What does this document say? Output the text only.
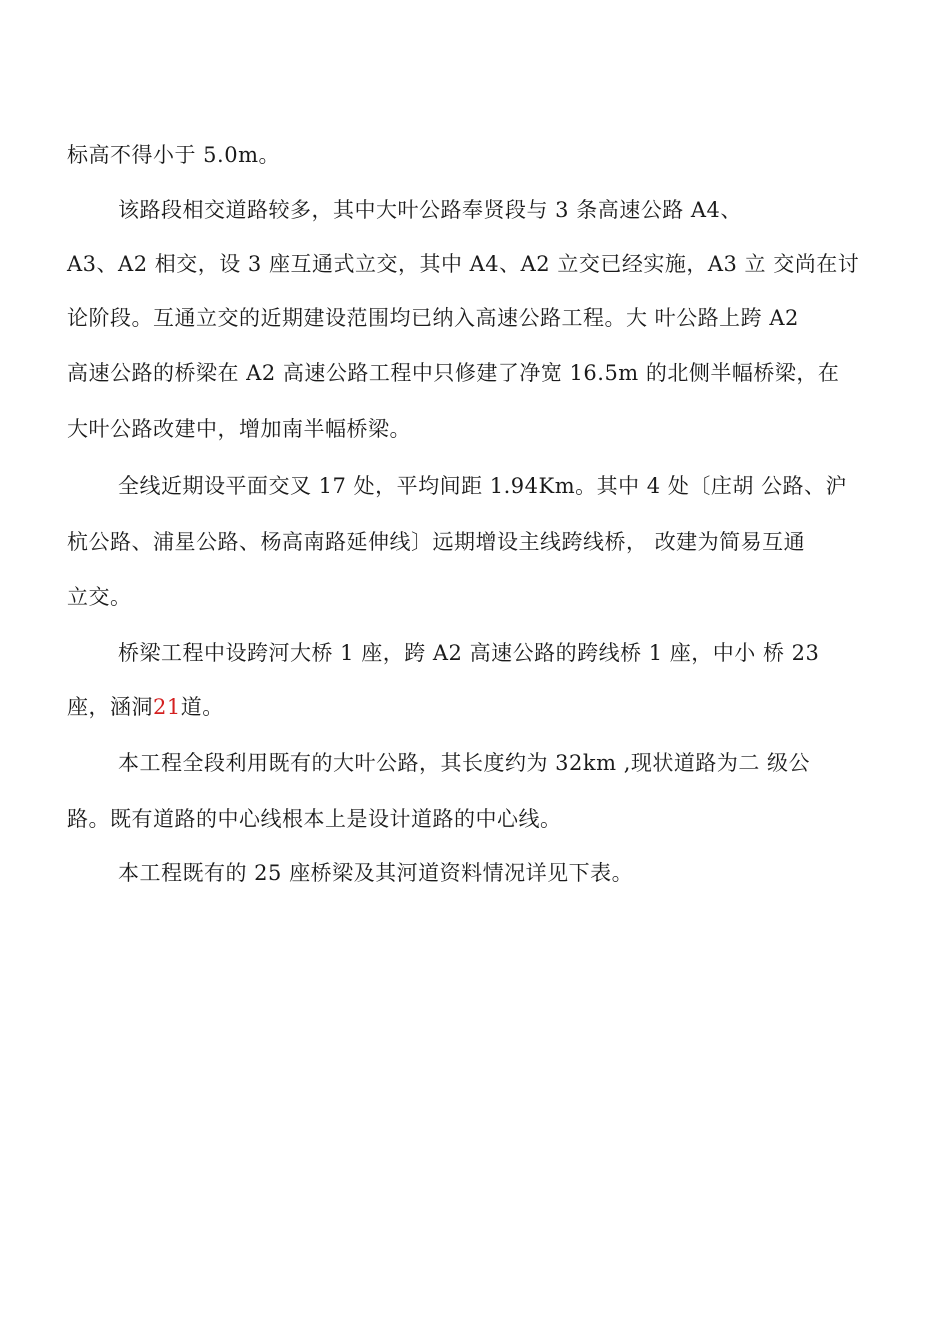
标高不得小于 5.0m。
该路段相交道路较多，其中大叶公路奉贤段与 3 条高速公路 A4、
A3、A2 相交，设 3 座互通式立交，其中 A4、A2 立交已经实施，A3 立 交尚在讨
论阶段。互通立交的近期建设范围均已纳入高速公路工程。大 叶公路上跨 A2
高速公路的桥梁在 A2 高速公路工程中只修建了净宽 16.5m 的北侧半幅桥梁，在
大叶公路改建中，增加南半幅桥梁。
全线近期设平面交叉 17 处，平均间距 1.94Km。其中 4 处〔庄胡 公路、沪
杭公路、浦星公路、杨高南路延伸线〕远期增设主线跨线桥， 改建为简易互通
立交。
桥梁工程中设跨河大桥 1 座，跨 A2 高速公路的跨线桥 1 座，中小 桥 23
座，涵洞21道。
本工程全段利用既有的大叶公路，其长度约为 32km ,现状道路为二 级公
路。既有道路的中心线根本上是设计道路的中心线。
本工程既有的 25 座桥梁及其河道资料情况详见下表。
